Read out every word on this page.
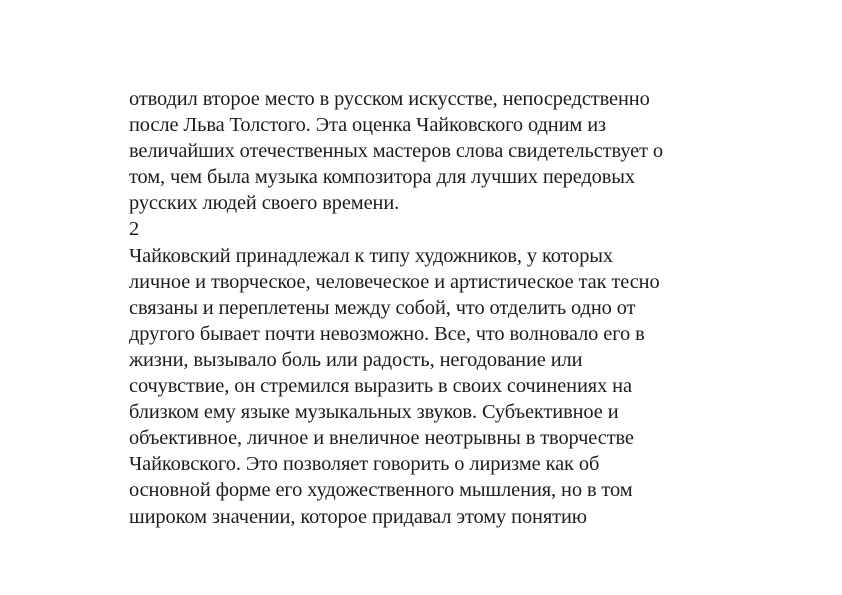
отводил второе место в русском искусстве, непосредственно
после Льва Толстого. Эта оценка Чайковского одним из
величайших отечественных мастеров слова свидетельствует о
том, чем была музыка композитора для лучших передовых
русских людей своего времени.
2
Чайковский принадлежал к типу художников, у которых
личное и творческое, человеческое и артистическое так тесно
связаны и переплетены между собой, что отделить одно от
другого бывает почти невозможно. Все, что волновало его в
жизни, вызывало боль или радость, негодование или
сочувствие, он стремился выразить в своих сочинениях на
близком ему языке музыкальных звуков. Субъективное и
объективное, личное и внеличное неотрывны в творчестве
Чайковского. Это позволяет говорить о лиризме как об
основной форме его художественного мышления, но в том
широком значении, которое придавал этому понятию
